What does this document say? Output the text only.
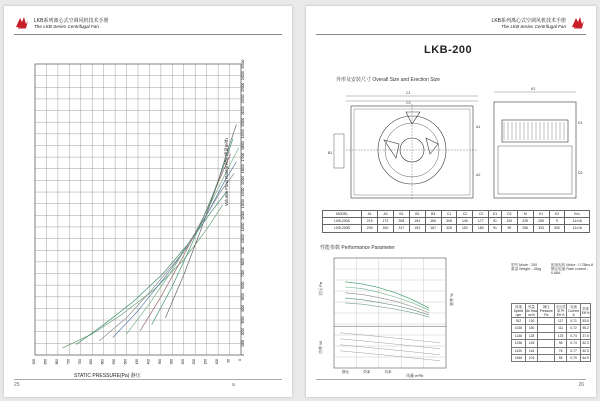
LKB系列离心式空调风机技术手册
The LKB Series Centrifugal Fan
900 850 800 750 700 650 600 550 500 450 400 350 300 250 200 150 100 50 0
25000
24000
23000
22000
21000
20000
19000
18000
17000
16000
15000
14000
13000
12000
11000
10000
9000
8000
7000
6000
5000
4000
3000
2000
1000
0
STATIC PRESSURE(Pa) 静压
Volume Flow Rate(m³/h) 流量m³/h
25	a
LKB系列离心式空调风机技术手册
The LKB Series Centrifugal Fan
LKB-200
外形及安装尺寸 Overall Size and Erection Size
C1
C2
B1
A1
A2
K2
D1
D2
MODEL	A1	A2	B1	B2	B3	C1	C2	C3	D1	D2	M	K1	K2	H×L
LKB-200A	219	172	308	154	160	308	140	177	91	100	225	255	9	11×16
LKB-200B	239	180	317	153	167	328	152	180	91	99	256	333	300	11×16
性能参数 Performance Parameter
全压 Pa
功率 W
效率 %
风量 m³/h
静压	效率	功率
型号 Mode : 200
重量 Weight : 15kg
配用电机 Motor : 0.78kw-6
额定电流 Rate current : 0.66A
转速 Speed rpm	风量 Air flow m³/h	静压 Pressure Pa	全压效率 Pt Eff %	电流 Current A	效率 Eff %
912	130		117	0.71	53.6
1028	150		111	0.72	55.2
1146	128		103	0.74	37.8
1236	125		96	0.74	62.3
1420	116		76	0.77	62.5
1546	103		55	0.79	64.9
26
